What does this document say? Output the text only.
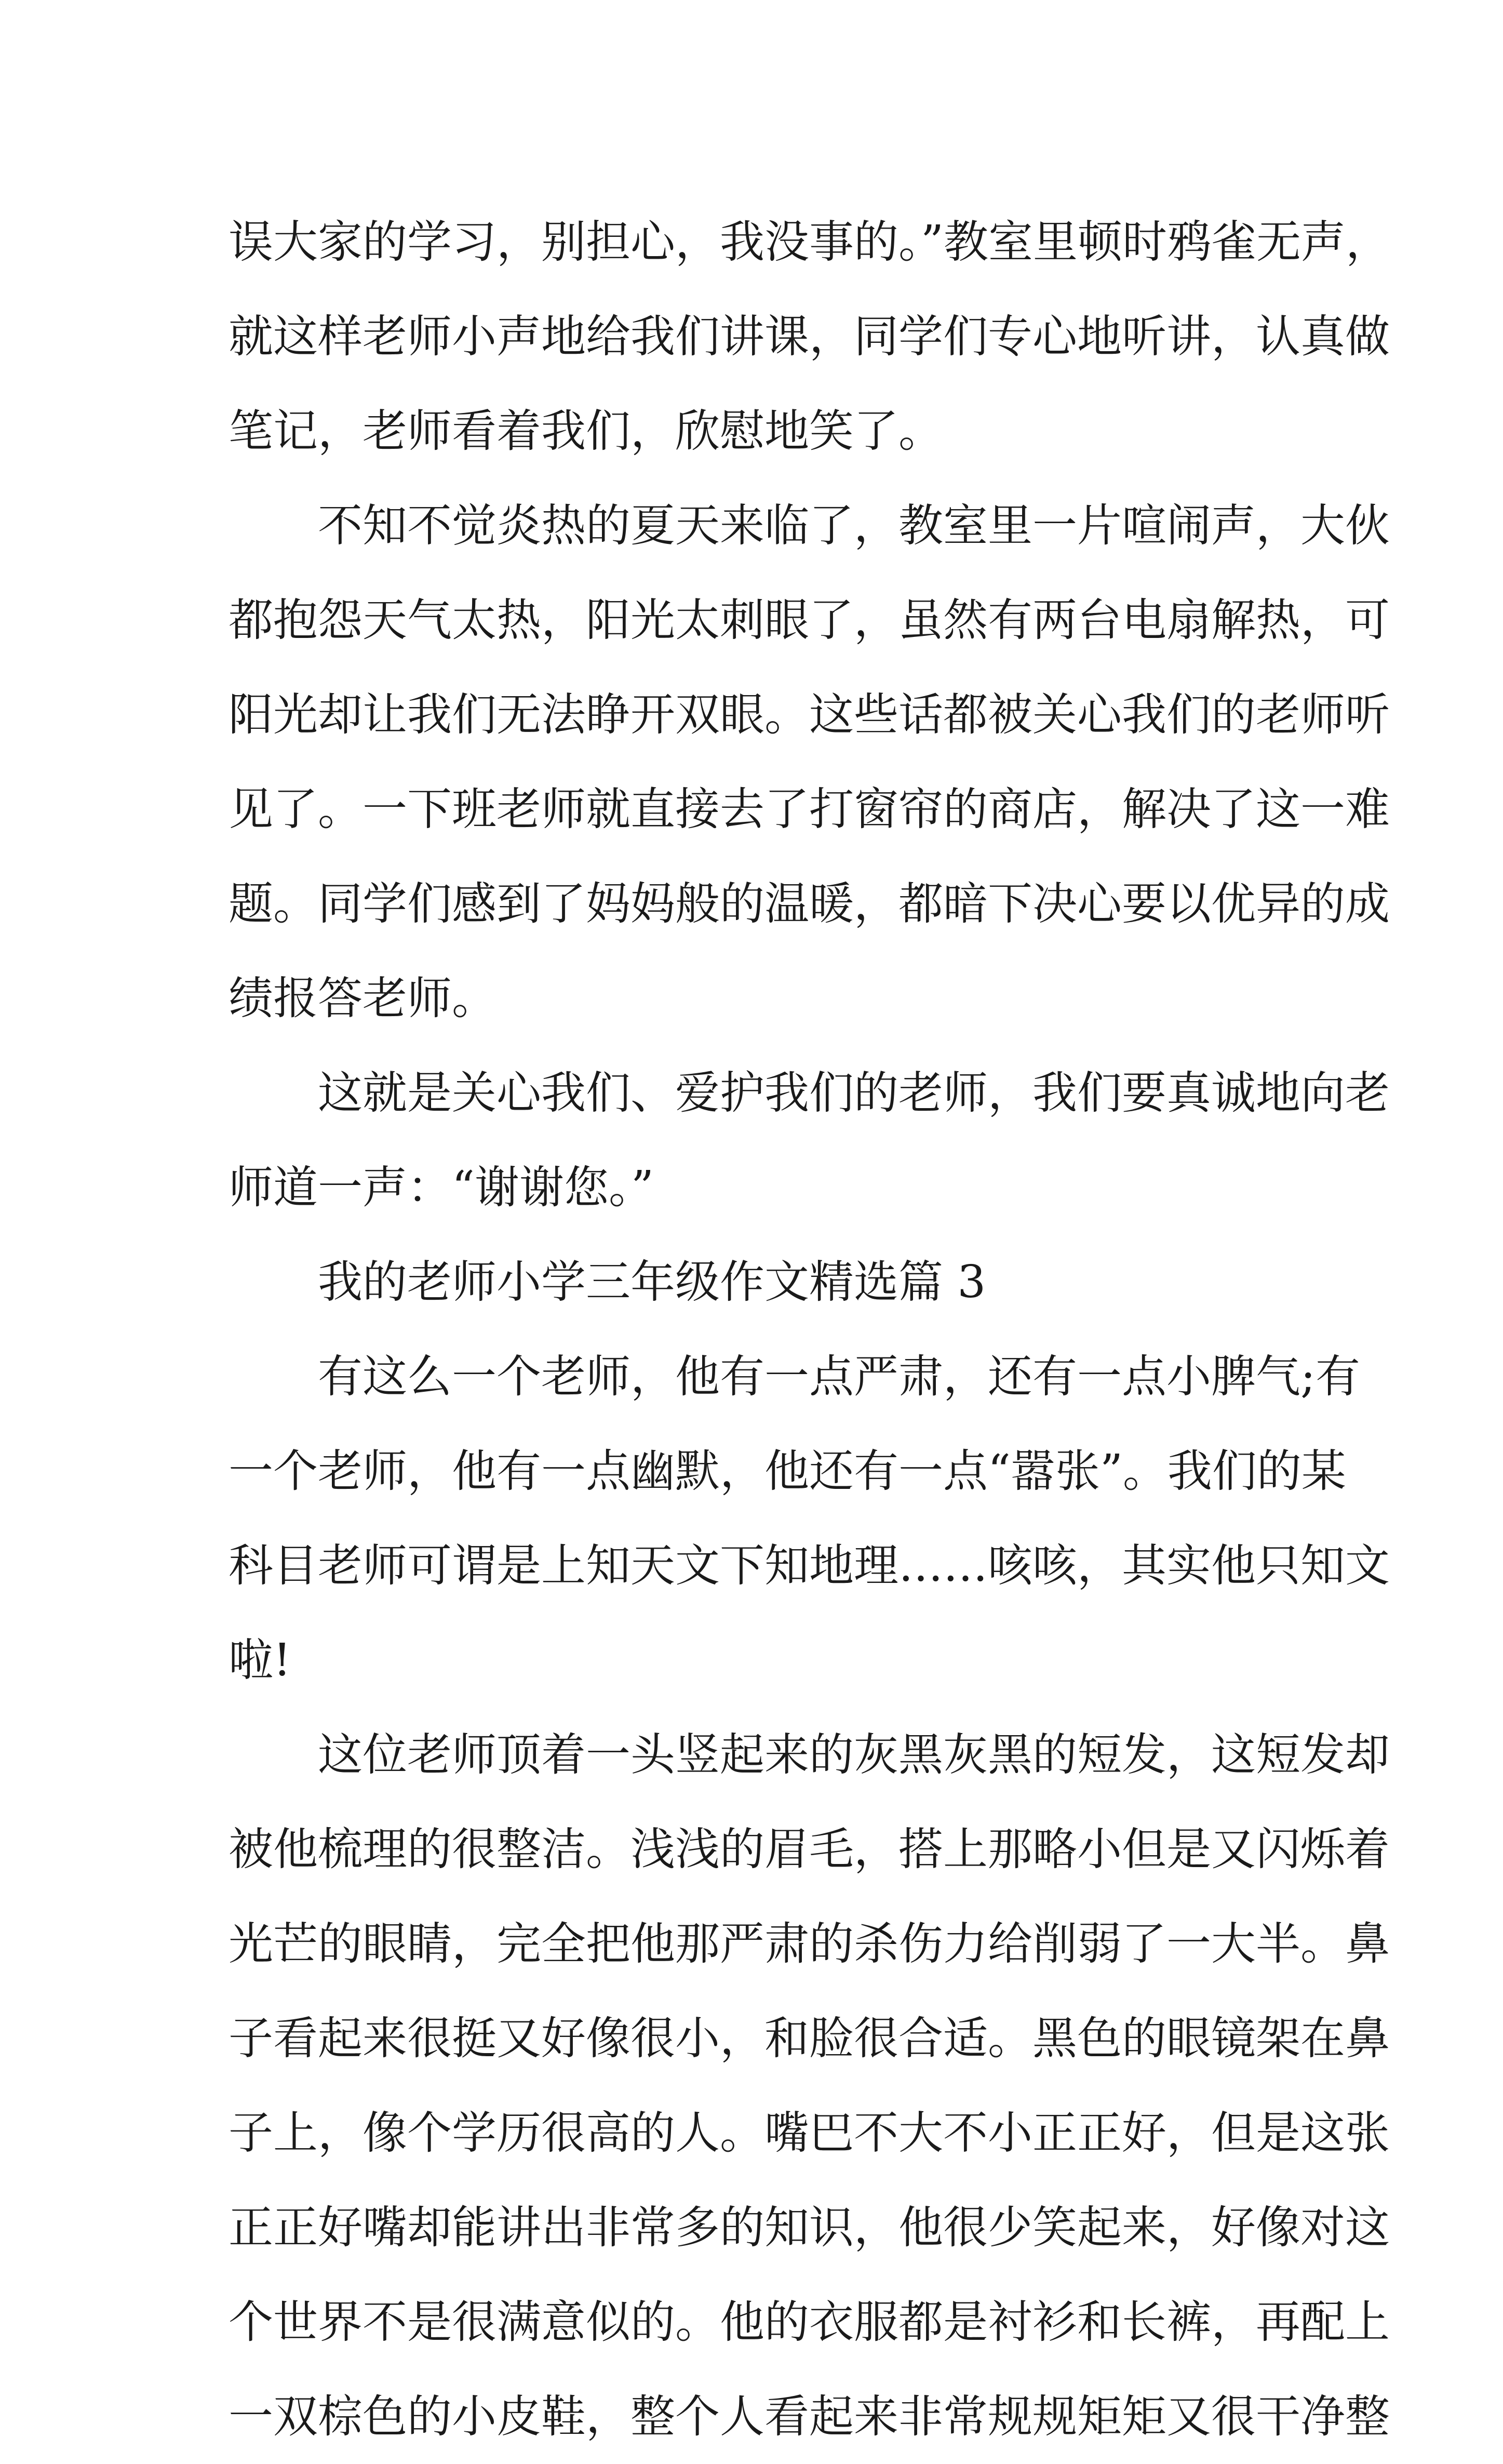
误大家的学习，别担心，我没事的。”教室里顿时鸦雀无声，
就这样老师小声地给我们讲课，同学们专心地听讲，认真做
笔记，老师看着我们，欣慰地笑了。
不知不觉炎热的夏天来临了，教室里一片喧闹声，大伙
都抱怨天气太热，阳光太刺眼了，虽然有两台电扇解热，可
阳光却让我们无法睁开双眼。这些话都被关心我们的老师听
见了。一下班老师就直接去了打窗帘的商店，解决了这一难
题。同学们感到了妈妈般的温暖，都暗下决心要以优异的成
绩报答老师。
这就是关心我们、爱护我们的老师，我们要真诚地向老
师道一声：“谢谢您。”
我的老师小学三年级作文精选篇 3
有这么一个老师，他有一点严肃，还有一点小脾气;有
一个老师，他有一点幽默，他还有一点“嚣张”。我们的某
科目老师可谓是上知天文下知地理……咳咳，其实他只知文
啦!
这位老师顶着一头竖起来的灰黑灰黑的短发，这短发却
被他梳理的很整洁。浅浅的眉毛，搭上那略小但是又闪烁着
光芒的眼睛，完全把他那严肃的杀伤力给削弱了一大半。鼻
子看起来很挺又好像很小，和脸很合适。黑色的眼镜架在鼻
子上，像个学历很高的人。嘴巴不大不小正正好，但是这张
正正好嘴却能讲出非常多的知识，他很少笑起来，好像对这
个世界不是很满意似的。他的衣服都是衬衫和长裤，再配上
一双棕色的小皮鞋，整个人看起来非常规规矩矩又很干净整
